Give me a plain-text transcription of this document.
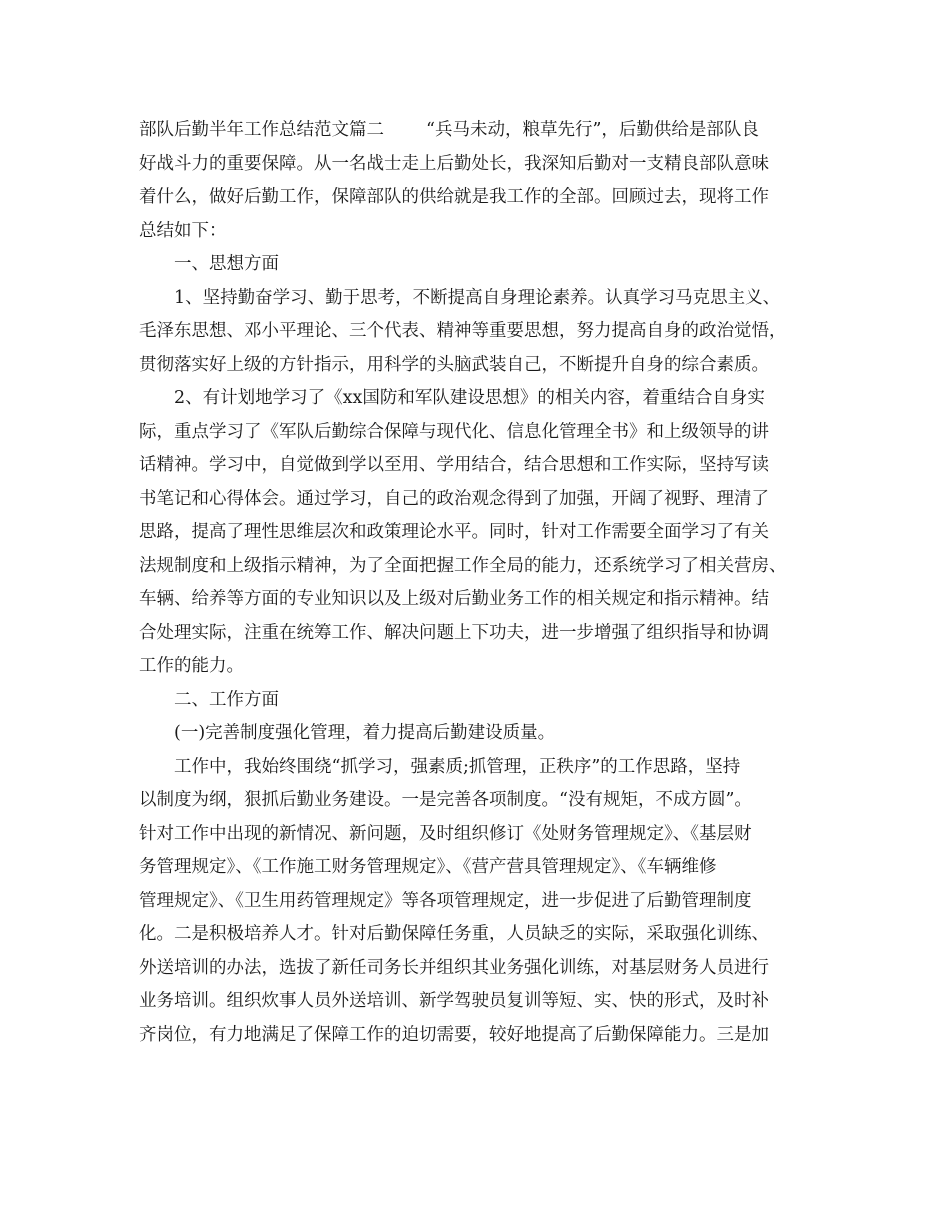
部队后勤半年工作总结范文篇二 “兵马未动，粮草先行”，后勤供给是部队良
好战斗力的重要保障。从一名战士走上后勤处长，我深知后勤对一支精良部队意味
着什么，做好后勤工作，保障部队的供给就是我工作的全部。回顾过去，现将工作
总结如下：
一、思想方面
1、坚持勤奋学习、勤于思考，不断提高自身理论素养。认真学习马克思主义、
毛泽东思想、邓小平理论、三个代表、精神等重要思想，努力提高自身的政治觉悟，
贯彻落实好上级的方针指示，用科学的头脑武装自己，不断提升自身的综合素质。
2、有计划地学习了《xx国防和军队建设思想》的相关内容，着重结合自身实
际，重点学习了《军队后勤综合保障与现代化、信息化管理全书》和上级领导的讲
话精神。学习中，自觉做到学以至用、学用结合，结合思想和工作实际，坚持写读
书笔记和心得体会。通过学习，自己的政治观念得到了加强，开阔了视野、理清了
思路，提高了理性思维层次和政策理论水平。同时，针对工作需要全面学习了有关
法规制度和上级指示精神，为了全面把握工作全局的能力，还系统学习了相关营房、
车辆、给养等方面的专业知识以及上级对后勤业务工作的相关规定和指示精神。结
合处理实际，注重在统筹工作、解决问题上下功夫，进一步增强了组织指导和协调
工作的能力。
二、工作方面
(一)完善制度强化管理，着力提高后勤建设质量。
工作中，我始终围绕“抓学习，强素质;抓管理，正秩序”的工作思路，坚持
以制度为纲，狠抓后勤业务建设。一是完善各项制度。“没有规矩，不成方圆”。
针对工作中出现的新情况、新问题，及时组织修订《处财务管理规定》、《基层财
务管理规定》、《工作施工财务管理规定》、《营产营具管理规定》、《车辆维修
管理规定》、《卫生用药管理规定》等各项管理规定，进一步促进了后勤管理制度
化。二是积极培养人才。针对后勤保障任务重，人员缺乏的实际，采取强化训练、
外送培训的办法，选拔了新任司务长并组织其业务强化训练，对基层财务人员进行
业务培训。组织炊事人员外送培训、新学驾驶员复训等短、实、快的形式，及时补
齐岗位，有力地满足了保障工作的迫切需要，较好地提高了后勤保障能力。三是加
